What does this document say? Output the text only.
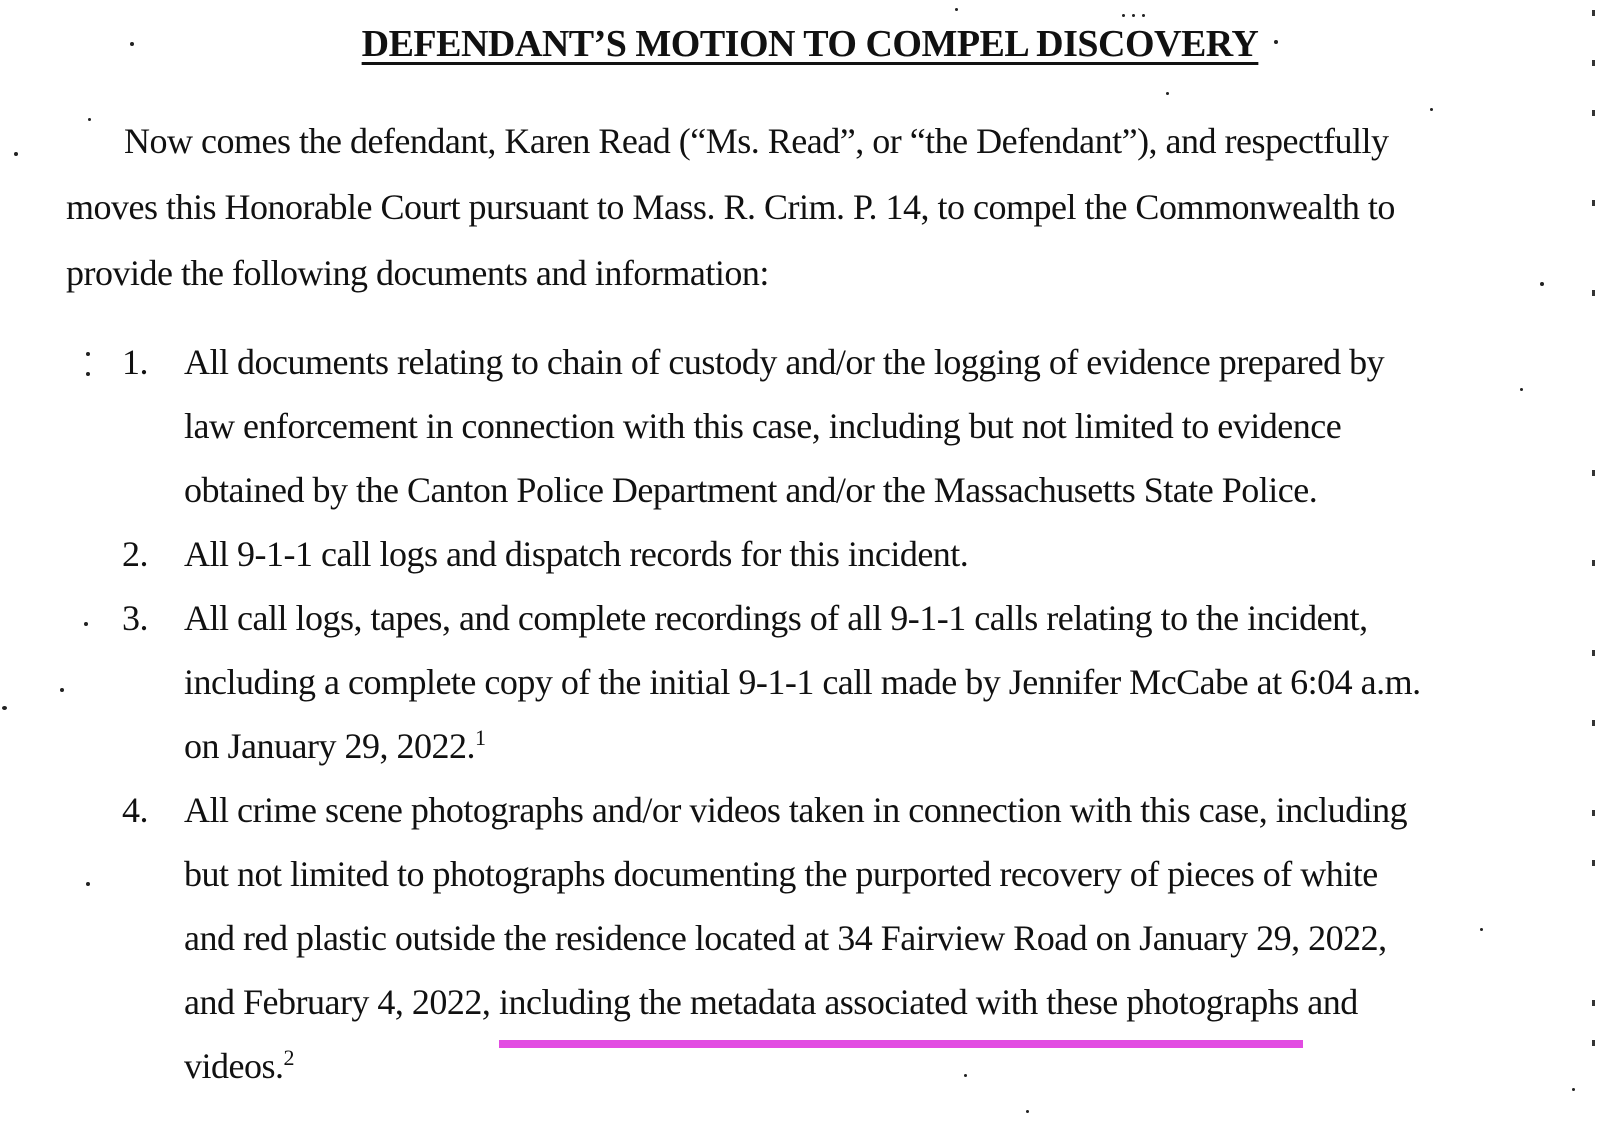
DEFENDANT’S MOTION TO COMPEL DISCOVERY
Now comes the defendant, Karen Read (“Ms. Read”, or “the Defendant”), and respectfully
moves this Honorable Court pursuant to Mass. R. Crim. P. 14, to compel the Commonwealth to
provide the following documents and information:
1.	All documents relating to chain of custody and/or the logging of evidence prepared by
law enforcement in connection with this case, including but not limited to evidence
obtained by the Canton Police Department and/or the Massachusetts State Police.
2.	All 9-1-1 call logs and dispatch records for this incident.
3.	All call logs, tapes, and complete recordings of all 9-1-1 calls relating to the incident,
including a complete copy of the initial 9-1-1 call made by Jennifer McCabe at 6:04 a.m.
on January 29, 2022.$^1$
4.	All crime scene photographs and/or videos taken in connection with this case, including
but not limited to photographs documenting the purported recovery of pieces of white
and red plastic outside the residence located at 34 Fairview Road on January 29, 2022,
and February 4, 2022, including the metadata associated with these photographs
and
videos.$^2$
